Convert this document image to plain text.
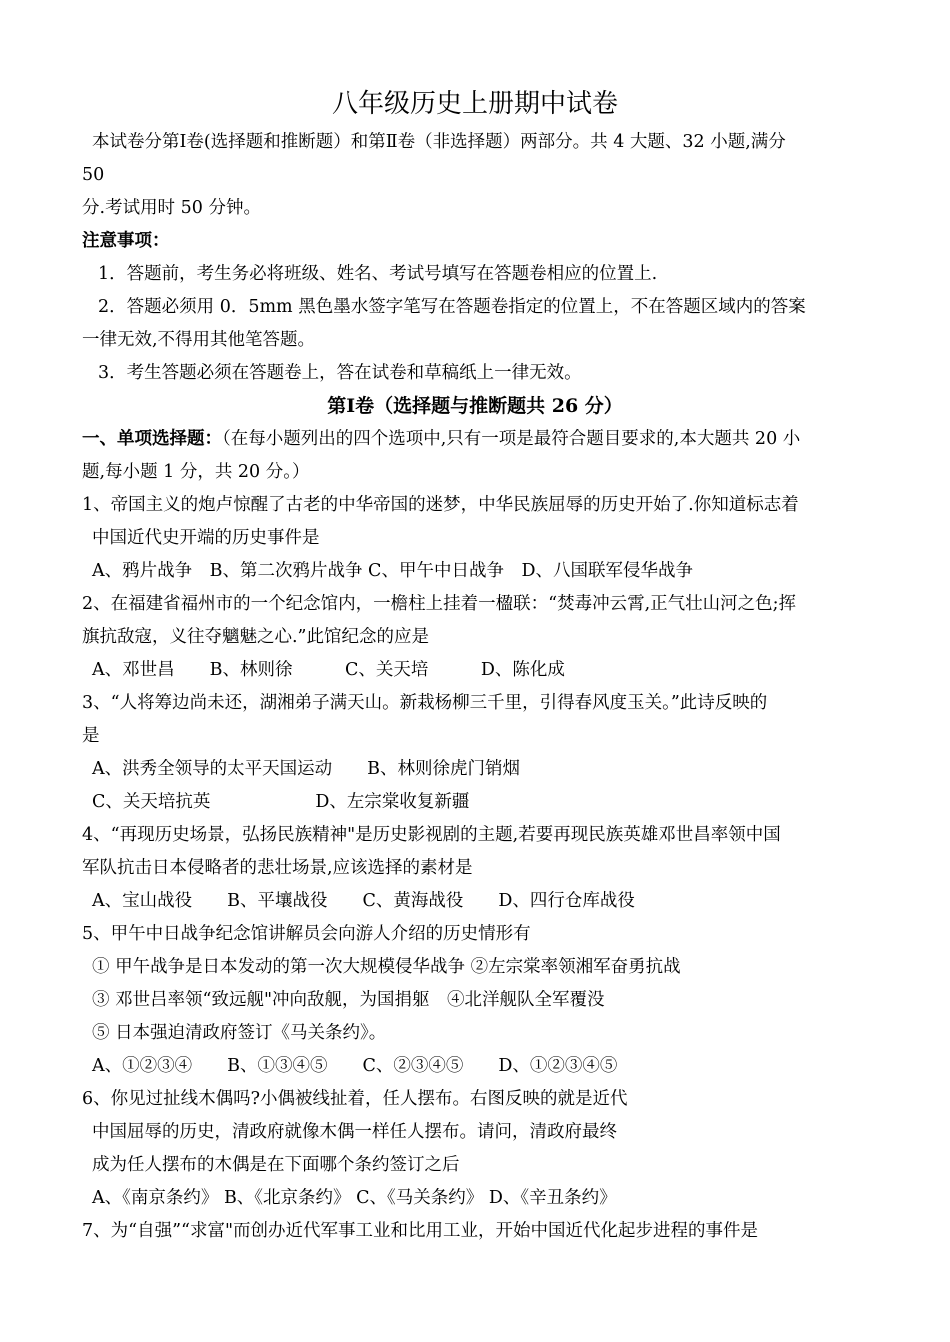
八年级历史上册期中试卷

本试卷分第Ⅰ卷(选择题和推断题）和第Ⅱ卷（非选择题）两部分。共 4 大题、32 小题,满分

50

分.考试用时 50 分钟。

注意事项：

1．答题前，考生务必将班级、姓名、考试号填写在答题卷相应的位置上.

2．答题必须用 0．5mm 黑色墨水签字笔写在答题卷指定的位置上，不在答题区域内的答案

一律无效,不得用其他笔答题。

3．考生答题必须在答题卷上，答在试卷和草稿纸上一律无效。

第Ⅰ卷（选择题与推断题共 26 分）

一、单项选择题：（在每小题列出的四个选项中,只有一项是最符合题目要求的,本大题共 20 小

题,每小题 1 分，共 20 分。）

1、帝国主义的炮卢惊醒了古老的中华帝国的迷梦，中华民族屈辱的历史开始了.你知道标志着

中国近代史开端的历史事件是

A、鸦片战争　B、第二次鸦片战争 C、甲午中日战争　D、八国联军侵华战争

2、在福建省福州市的一个纪念馆内，一檐柱上挂着一楹联：“焚毒冲云霄,正气壮山河之色;挥

旗抗敌寇，义往夺魑魅之心.”此馆纪念的应是

A、邓世昌　　B、林则徐　　　C、关天培　　　D、陈化成

3、“人将筹边尚未还，湖湘弟子满天山。新栽杨柳三千里，引得春风度玉关。”此诗反映的

是

A、洪秀全领导的太平天国运动　　B、林则徐虎门销烟

C、关天培抗英　　　　　　D、左宗棠收复新疆

4、“再现历史场景，弘扬民族精神"是历史影视剧的主题,若要再现民族英雄邓世昌率领中国

军队抗击日本侵略者的悲壮场景,应该选择的素材是

A、宝山战役　　B、平壤战役　　C、黄海战役　　D、四行仓库战役

5、甲午中日战争纪念馆讲解员会向游人介绍的历史情形有

① 甲午战争是日本发动的第一次大规模侵华战争 ②左宗棠率领湘军奋勇抗战

③ 邓世吕率领“致远舰"冲向敌舰，为国捐躯　④北洋舰队全军覆没

⑤ 日本强迫清政府签订《马关条约》。

A、①②③④　　B、①③④⑤　　C、②③④⑤　　D、①②③④⑤

6、你见过扯线木偶吗?小偶被线扯着，任人摆布。右图反映的就是近代

中国屈辱的历史，清政府就像木偶一样任人摆布。请问，清政府最终

成为任人摆布的木偶是在下面哪个条约签订之后

A、《南京条约》 B、《北京条约》 C、《马关条约》 D、《辛丑条约》

7、为“自强”“求富"而创办近代军事工业和比用工业，开始中国近代化起步进程的事件是
